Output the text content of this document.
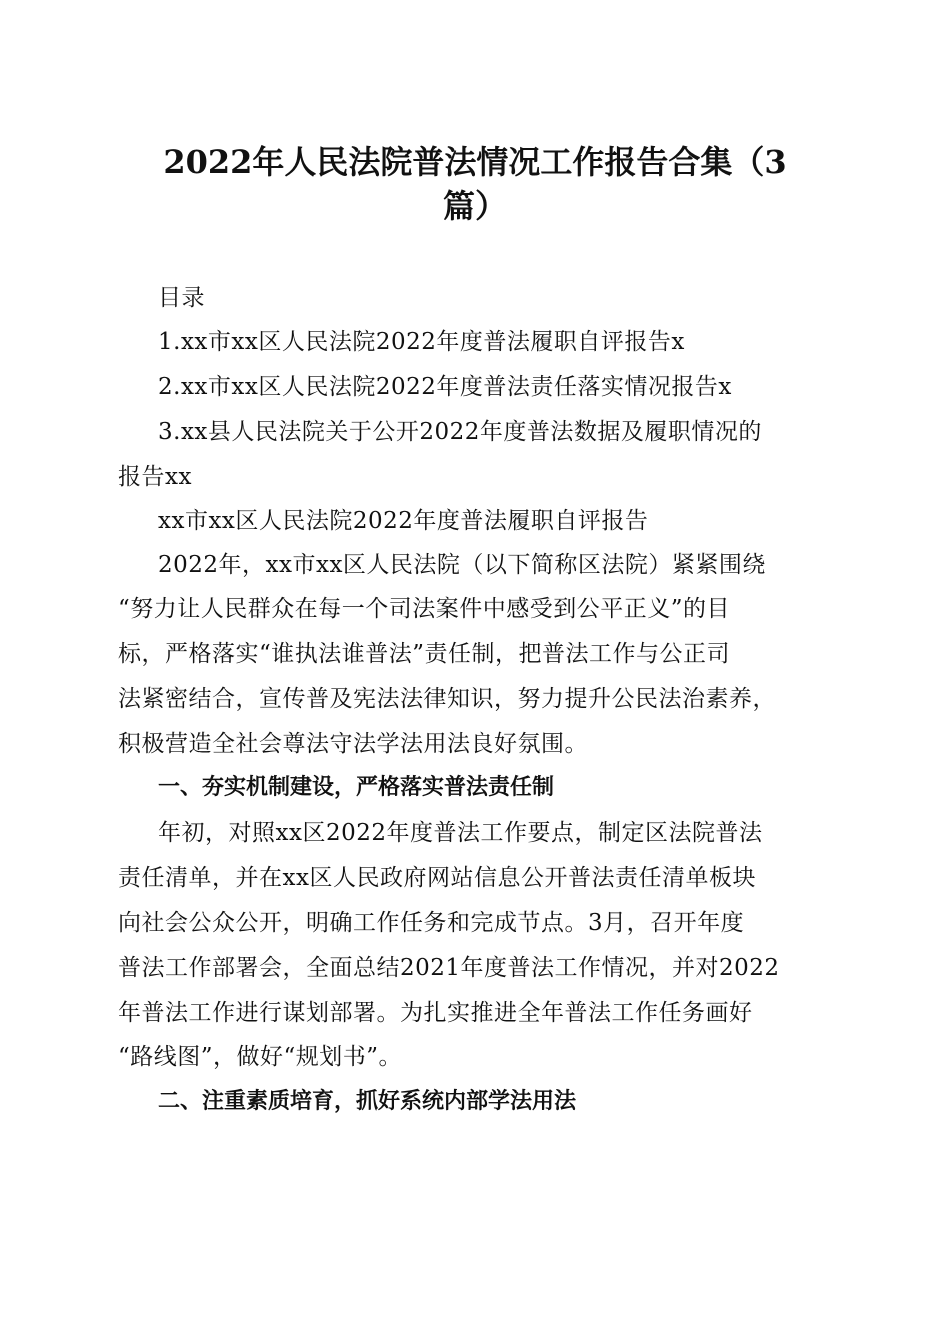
2022年人民法院普法情况工作报告合集（3
篇）
目录
1.xx市xx区人民法院2022年度普法履职自评报告x
2.xx市xx区人民法院2022年度普法责任落实情况报告x
3.xx县人民法院关于公开2022年度普法数据及履职情况的
报告xx
xx市xx区人民法院2022年度普法履职自评报告
2022年，xx市xx区人民法院（以下简称区法院）紧紧围绕
“努力让人民群众在每一个司法案件中感受到公平正义”的目
标，严格落实“谁执法谁普法”责任制，把普法工作与公正司
法紧密结合，宣传普及宪法法律知识，努力提升公民法治素养，
积极营造全社会尊法守法学法用法良好氛围。
一、夯实机制建设，严格落实普法责任制
年初，对照xx区2022年度普法工作要点，制定区法院普法
责任清单，并在xx区人民政府网站信息公开普法责任清单板块
向社会公众公开，明确工作任务和完成节点。3月，召开年度
普法工作部署会，全面总结2021年度普法工作情况，并对2022
年普法工作进行谋划部署。为扎实推进全年普法工作任务画好
“路线图”，做好“规划书”。
二、注重素质培育，抓好系统内部学法用法
